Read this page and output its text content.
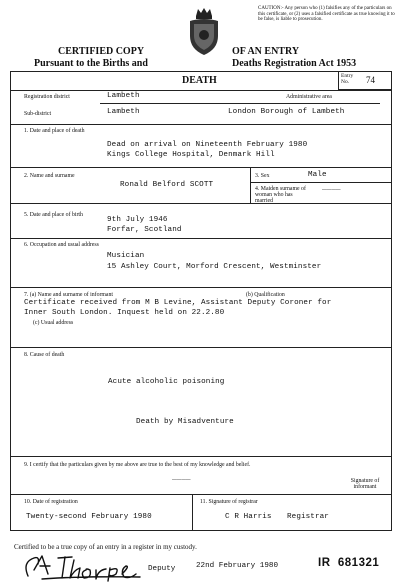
CAUTION:- Any person who (1) falsifies any of the particulars on this certificate, or (2) uses a falsified certificate as true knowing it to be false, is liable to prosecution.
CERTIFIED COPY	OF AN ENTRY
Pursuant to the Births and	Deaths Registration Act 1953
DEATH	Entry No.	74
Registration district	Lambeth	Administrative area
Sub-district	Lambeth	London Borough of Lambeth
1. Date and place of death
Dead on arrival on Nineteenth February 1980
Kings College Hospital, Denmark Hill
2. Name and surname
Ronald Belford SCOTT
3. Sex	Male
4. Maiden surname of woman who has married
____
5. Date and place of birth
9th July 1946
Forfar, Scotland
6. Occupation and usual address
Musician
15 Ashley Court, Morford Crescent, Westminster
7. (a) Name and surname of informant	(b) Qualification
Certificate received from M B Levine, Assistant Deputy Coroner for
Inner South London. Inquest held on 22.2.80
(c) Usual address
8. Cause of death
Acute alcoholic poisoning
Death by Misadventure
9. I certify that the particulars given by me above are true to the best of my knowledge and belief.
____	Signature of informant
10. Date of registration
Twenty-second February 1980
11. Signature of registrar
C R Harris Registrar
Certified to be a true copy of an entry in a register in my custody.
Deputy	22nd February 1980	IR  681321
